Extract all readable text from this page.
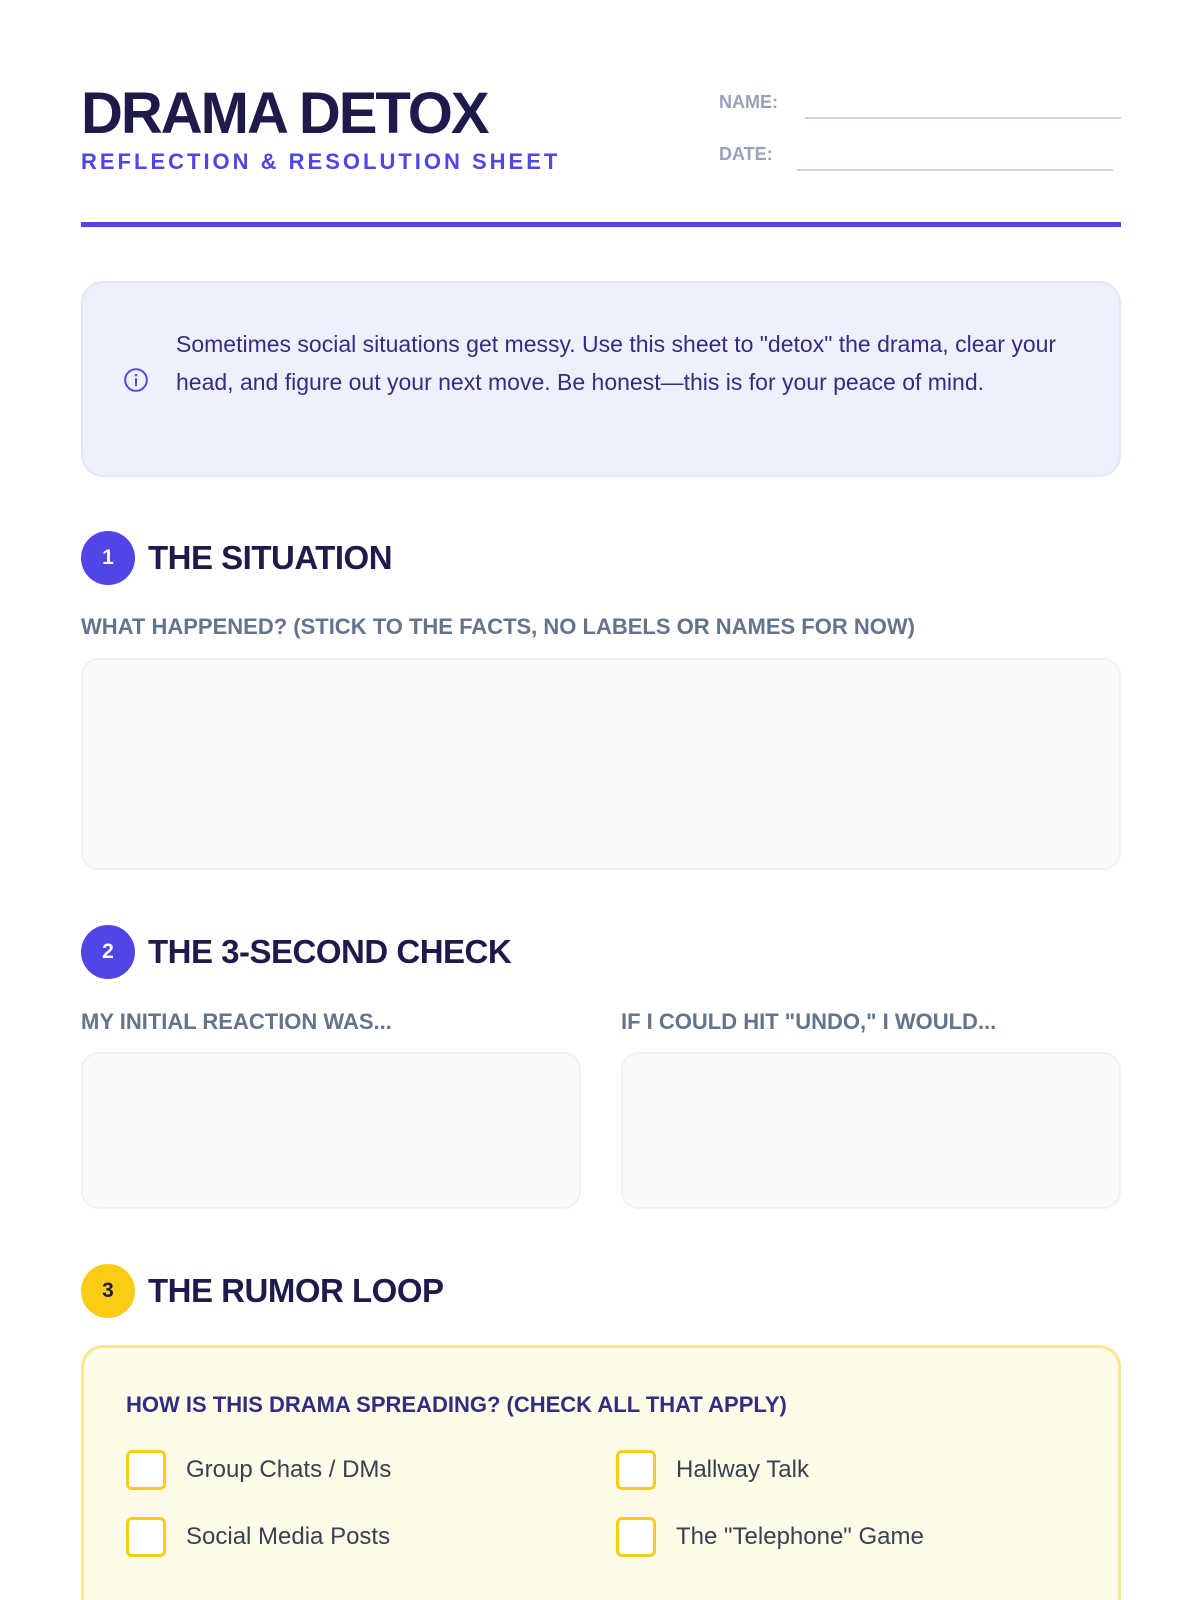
DRAMA DETOX
REFLECTION & RESOLUTION SHEET
NAME:
DATE:
Sometimes social situations get messy. Use this sheet to "detox" the drama, clear your head, and figure out your next move. Be honest—this is for your peace of mind.
1	THE SITUATION
WHAT HAPPENED? (STICK TO THE FACTS, NO LABELS OR NAMES FOR NOW)
2	THE 3-SECOND CHECK
MY INITIAL REACTION WAS...	IF I COULD HIT "UNDO," I WOULD...
3	THE RUMOR LOOP
HOW IS THIS DRAMA SPREADING? (CHECK ALL THAT APPLY)
Group Chats / DMs	Hallway Talk
Social Media Posts	The "Telephone" Game
